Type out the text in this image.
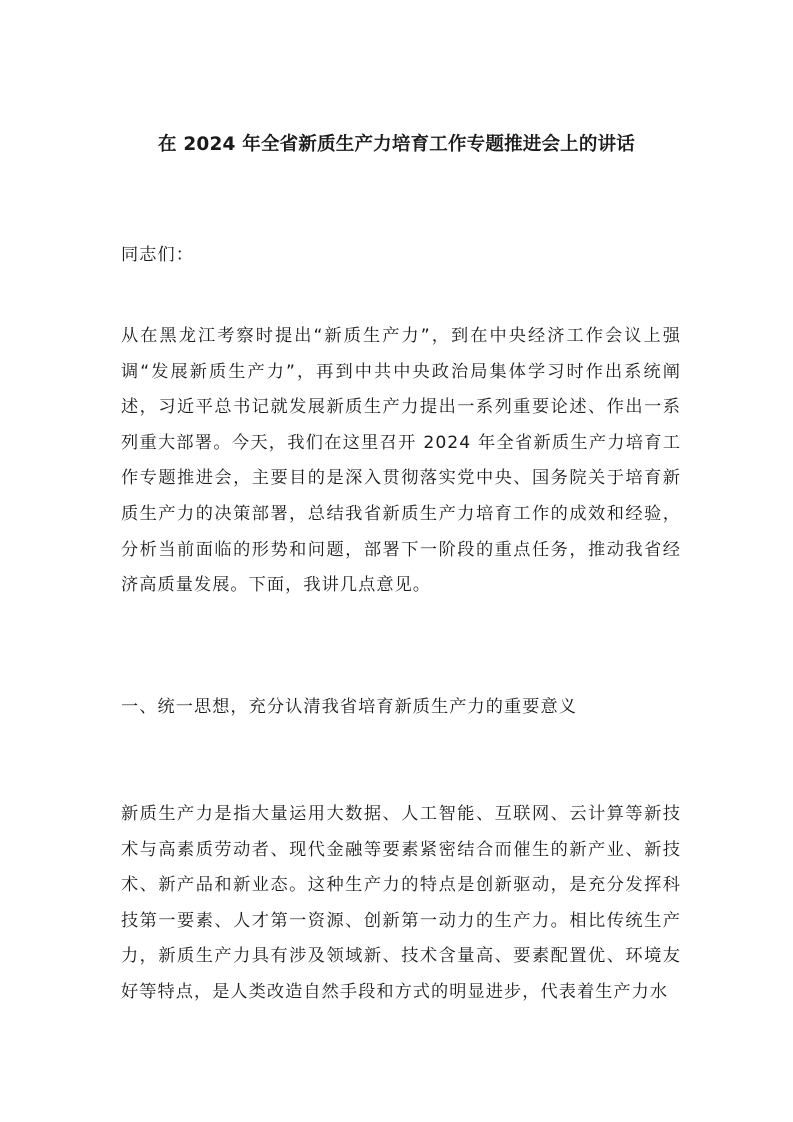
在 2024 年全省新质生产力培育工作专题推进会上的讲话

同志们：

从在黑龙江考察时提出“新质生产力”，到在中央经济工作会议上强调“发展新质生产力”，再到中共中央政治局集体学习时作出系统阐述，习近平总书记就发展新质生产力提出一系列重要论述、作出一系列重大部署。今天，我们在这里召开 2024 年全省新质生产力培育工作专题推进会，主要目的是深入贯彻落实党中央、国务院关于培育新质生产力的决策部署，总结我省新质生产力培育工作的成效和经验，分析当前面临的形势和问题，部署下一阶段的重点任务，推动我省经济高质量发展。下面，我讲几点意见。

一、统一思想，充分认清我省培育新质生产力的重要意义

新质生产力是指大量运用大数据、人工智能、互联网、云计算等新技术与高素质劳动者、现代金融等要素紧密结合而催生的新产业、新技术、新产品和新业态。这种生产力的特点是创新驱动，是充分发挥科技第一要素、人才第一资源、创新第一动力的生产力。相比传统生产力，新质生产力具有涉及领域新、技术含量高、要素配置优、环境友好等特点，是人类改造自然手段和方式的明显进步，代表着生产力水
